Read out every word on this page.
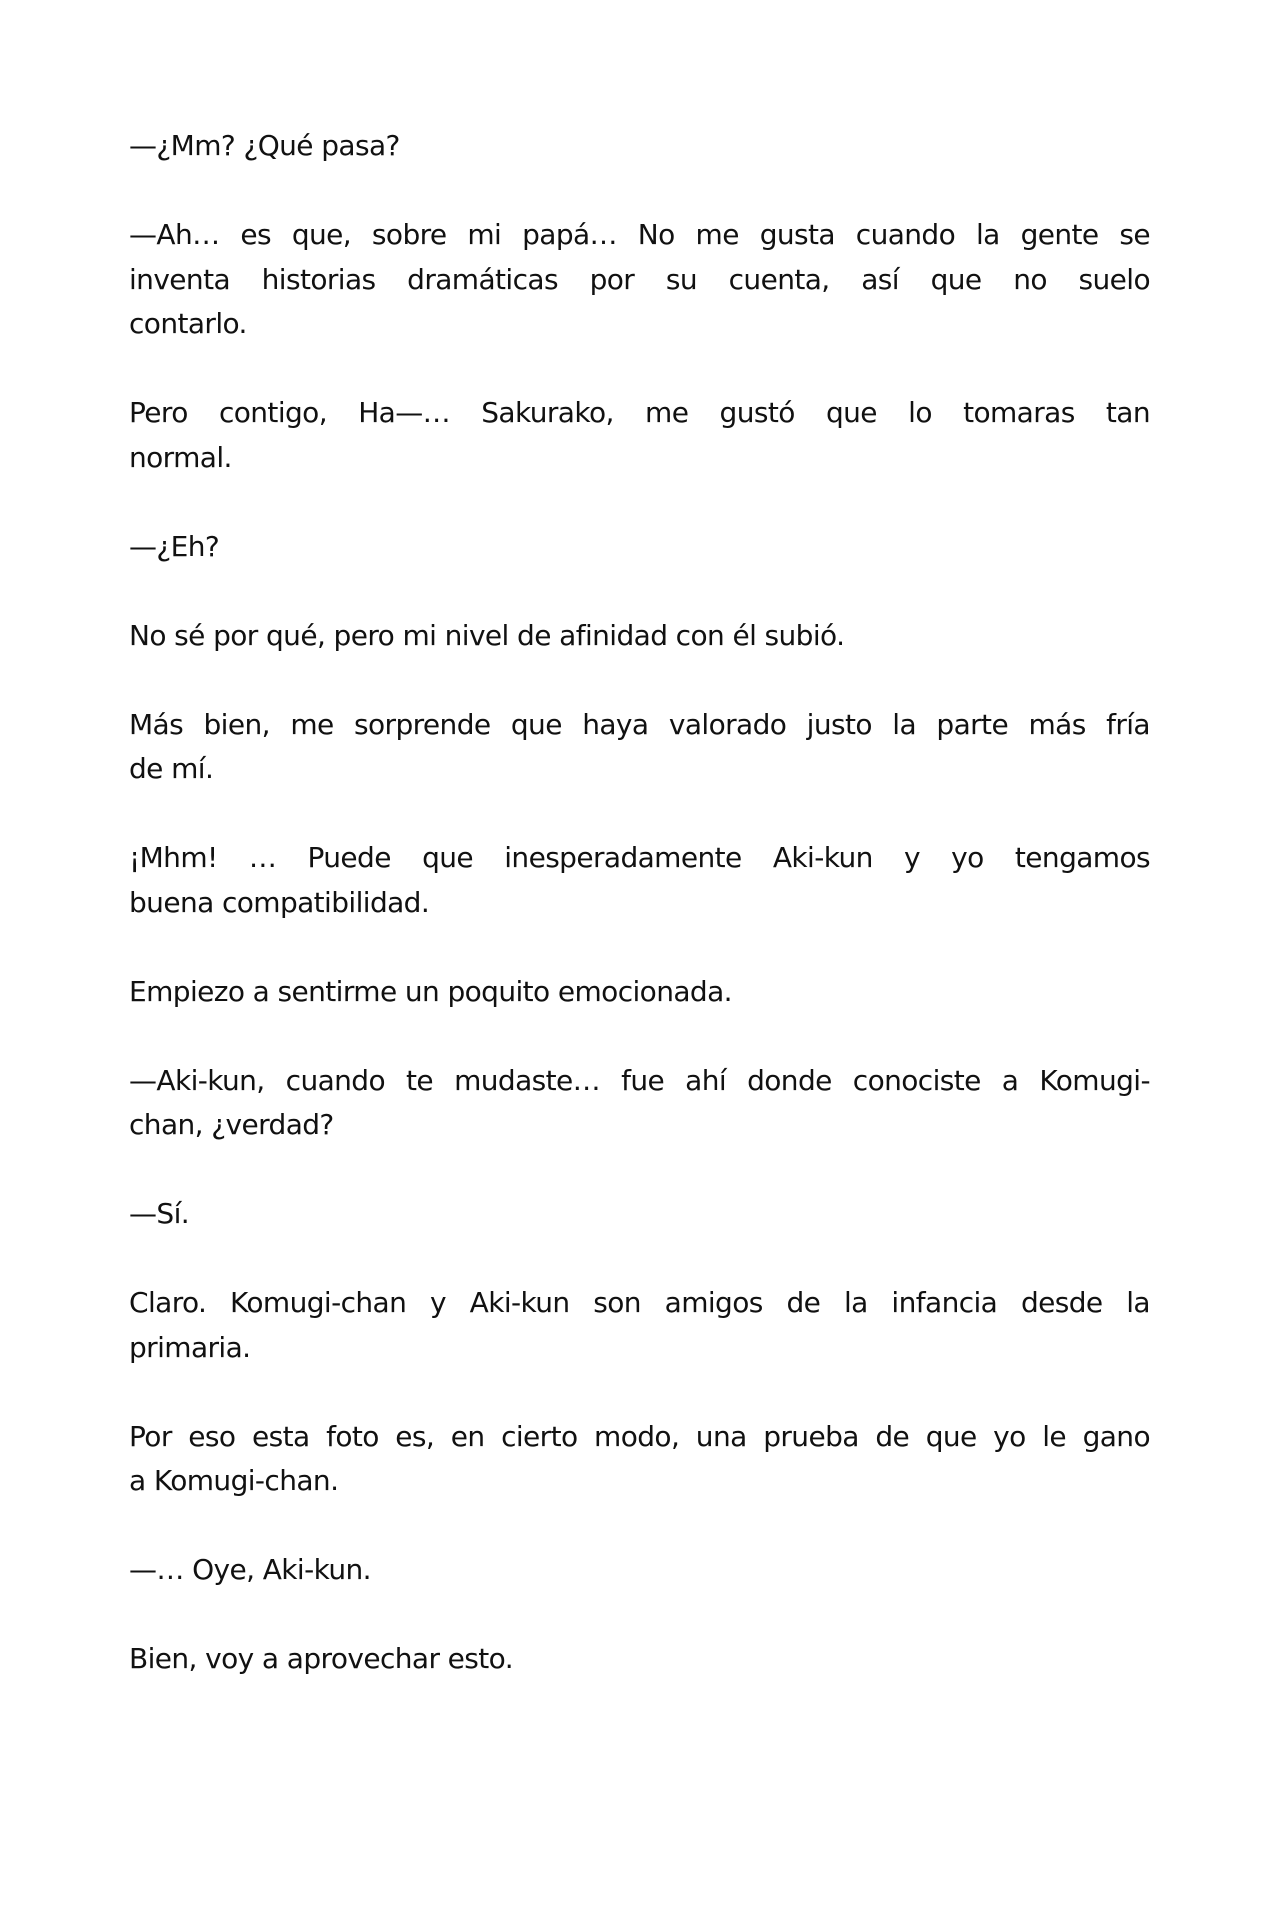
—¿Mm? ¿Qué pasa?

—Ah… es que, sobre mi papá… No me gusta cuando la gente se
inventa historias dramáticas por su cuenta, así que no suelo
contarlo.

Pero contigo, Ha—… Sakurako, me gustó que lo tomaras tan
normal.

—¿Eh?

No sé por qué, pero mi nivel de afinidad con él subió.

Más bien, me sorprende que haya valorado justo la parte más fría
de mí.

¡Mhm! … Puede que inesperadamente Aki-kun y yo tengamos
buena compatibilidad.

Empiezo a sentirme un poquito emocionada.

—Aki-kun, cuando te mudaste… fue ahí donde conociste a Komugi-
chan, ¿verdad?

—Sí.

Claro. Komugi-chan y Aki-kun son amigos de la infancia desde la
primaria.

Por eso esta foto es, en cierto modo, una prueba de que yo le gano
a Komugi-chan.

—… Oye, Aki-kun.

Bien, voy a aprovechar esto.
